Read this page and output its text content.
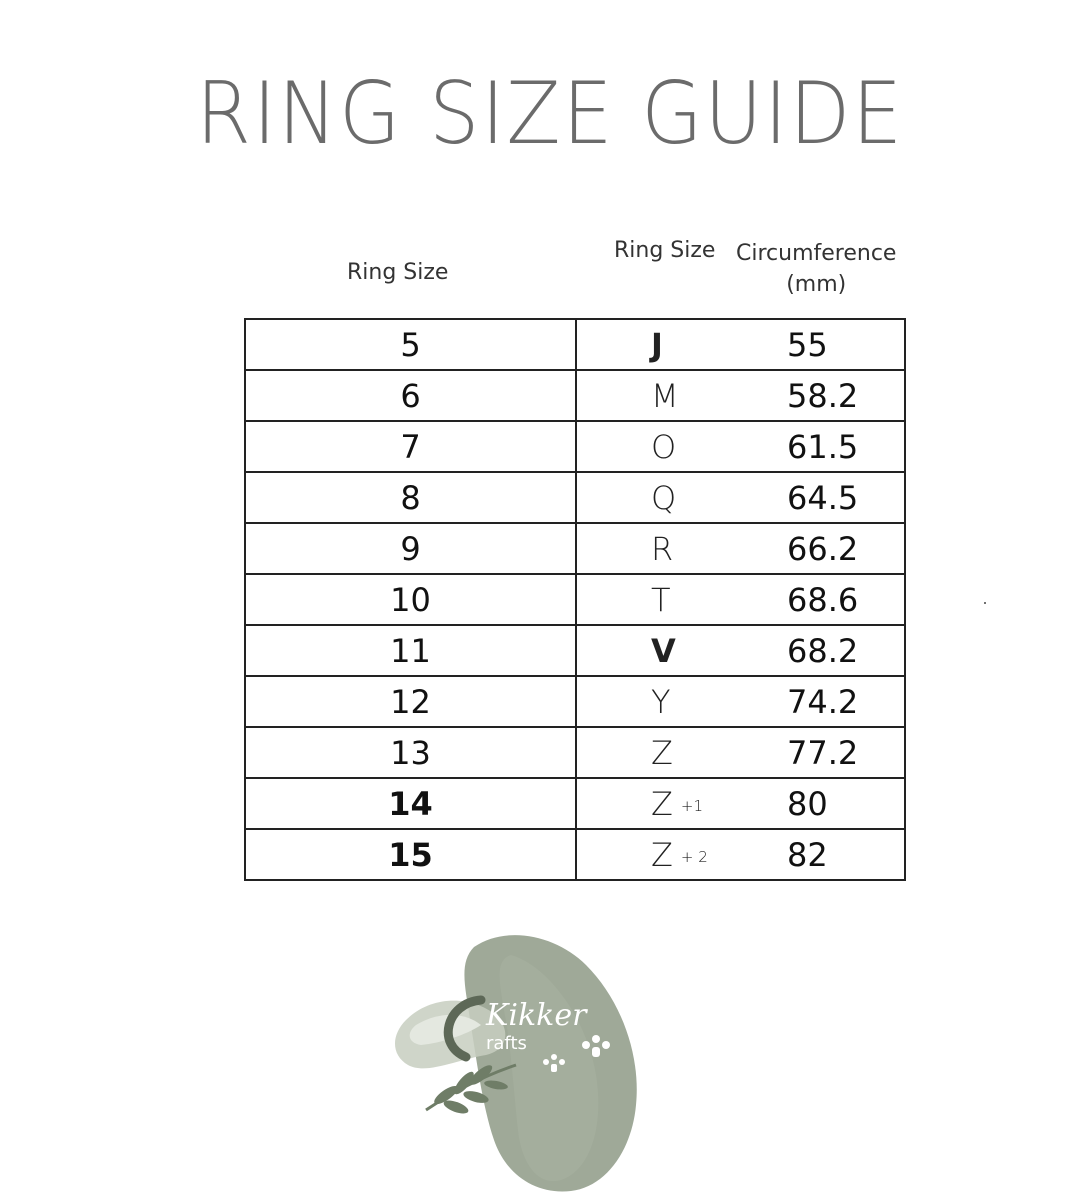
RING SIZE GUIDE
Ring Size
Ring Size Circumference
(mm)
5	J 55

6	M 58.2

7	O 61.5

8	Q 64.5

9	R 66.2

10	T 68.6

11	V 68.2

12	Y 74.2

13	Z 77.2

14	Z +1 80

15	Z + 2 82
Kikker
rafts
